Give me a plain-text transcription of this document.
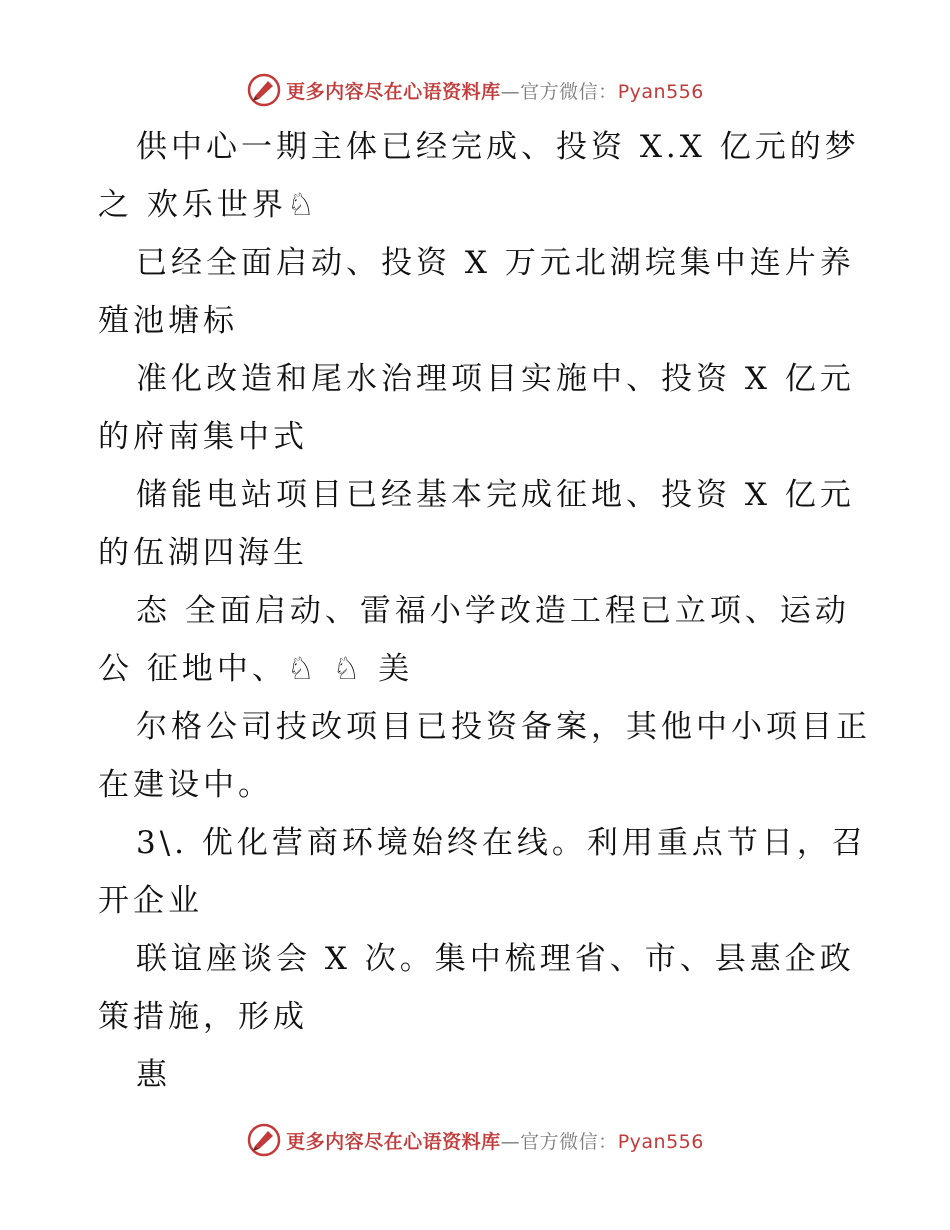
更多内容尽在心语资料库—官方微信：Pyan556

供中心一期主体已经完成、投资 X.X 亿元的梦

之 欢乐世界♘

已经全面启动、投资 X 万元北湖垸集中连片养

殖池塘标

准化改造和尾水治理项目实施中、投资 X 亿元

的府南集中式

储能电站项目已经基本完成征地、投资 X 亿元

的伍湖四海生

态 全面启动、雷福小学改造工程已立项、运动

公 征地中、♘ ♘ 美

尔格公司技改项目已投资备案，其他中小项目正

在建设中。

3\. 优化营商环境始终在线。利用重点节日，召

开企业

联谊座谈会 X 次。集中梳理省、市、县惠企政

策措施，形成

惠

更多内容尽在心语资料库—官方微信：Pyan556
